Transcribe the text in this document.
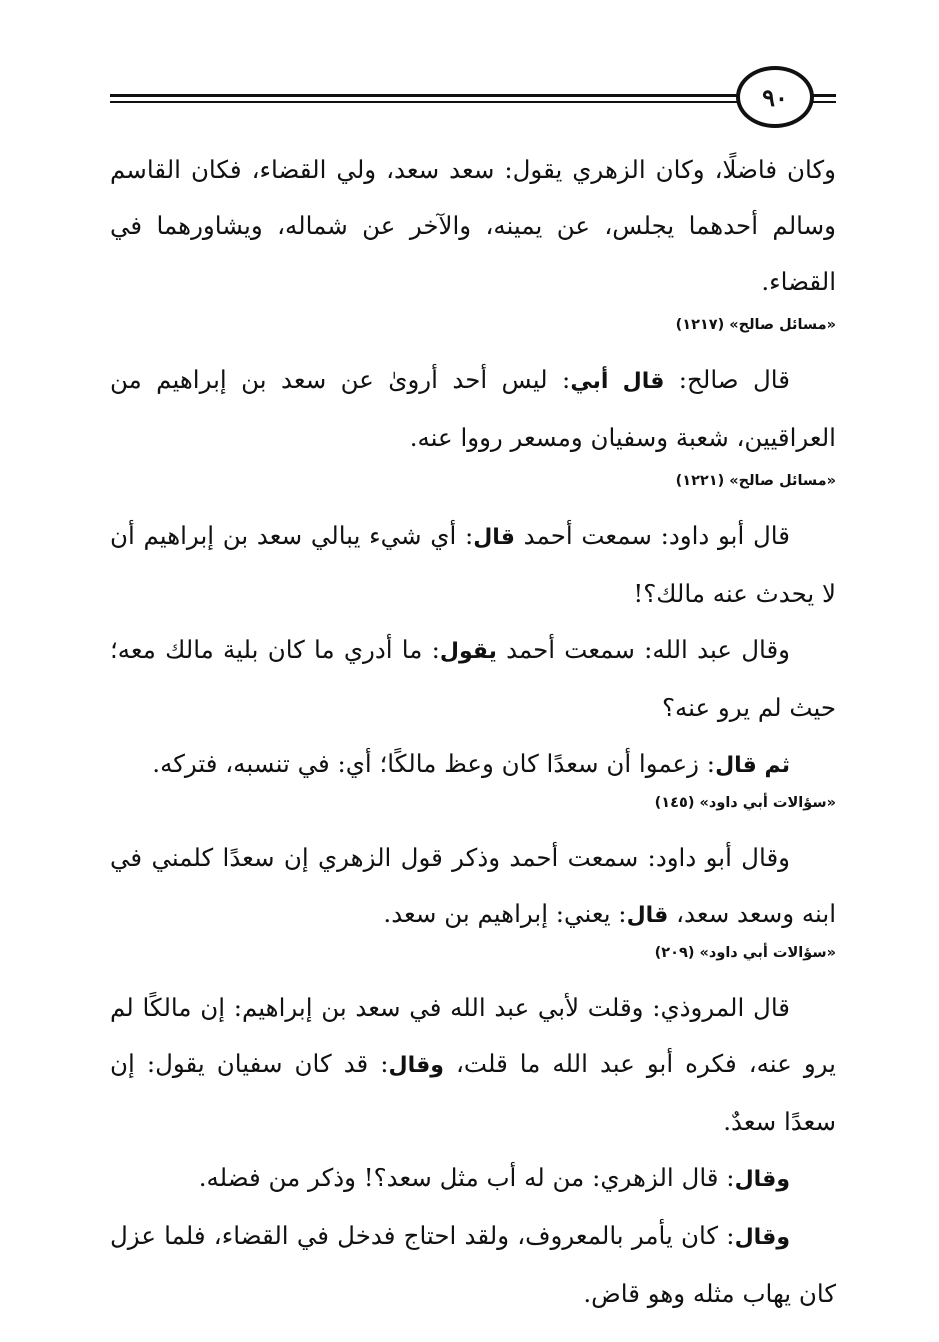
٩٠

وكان فاضلًا، وكان الزهري يقول: سعد سعد، ولي القضاء، فكان القاسم وسالم أحدهما يجلس، عن يمينه، والآخر عن شماله، ويشاورهما في القضاء.

«مسائل صالح» (١٢١٧)

قال صالح: قال أبي: ليس أحد أروىٰ عن سعد بن إبراهيم من العراقيين، شعبة وسفيان ومسعر رووا عنه.

«مسائل صالح» (١٢٢١)

قال أبو داود: سمعت أحمد قال: أي شيء يبالي سعد بن إبراهيم أن لا يحدث عنه مالك؟!

وقال عبد الله: سمعت أحمد يقول: ما أدري ما كان بلية مالك معه؛ حيث لم يرو عنه؟

ثم قال: زعموا أن سعدًا كان وعظ مالكًا؛ أي: في تنسبه، فتركه.

«سؤالات أبي داود» (١٤٥)

وقال أبو داود: سمعت أحمد وذكر قول الزهري إن سعدًا كلمني في ابنه وسعد سعد، قال: يعني: إبراهيم بن سعد.

«سؤالات أبي داود» (٢٠٩)

قال المروذي: وقلت لأبي عبد الله في سعد بن إبراهيم: إن مالكًا لم يرو عنه، فكره أبو عبد الله ما قلت، وقال: قد كان سفيان يقول: إن سعدًا سعدٌ.

وقال: قال الزهري: من له أب مثل سعد؟! وذكر من فضله.

وقال: كان يأمر بالمعروف، ولقد احتاج فدخل في القضاء، فلما عزل كان يهاب مثله وهو قاض.
